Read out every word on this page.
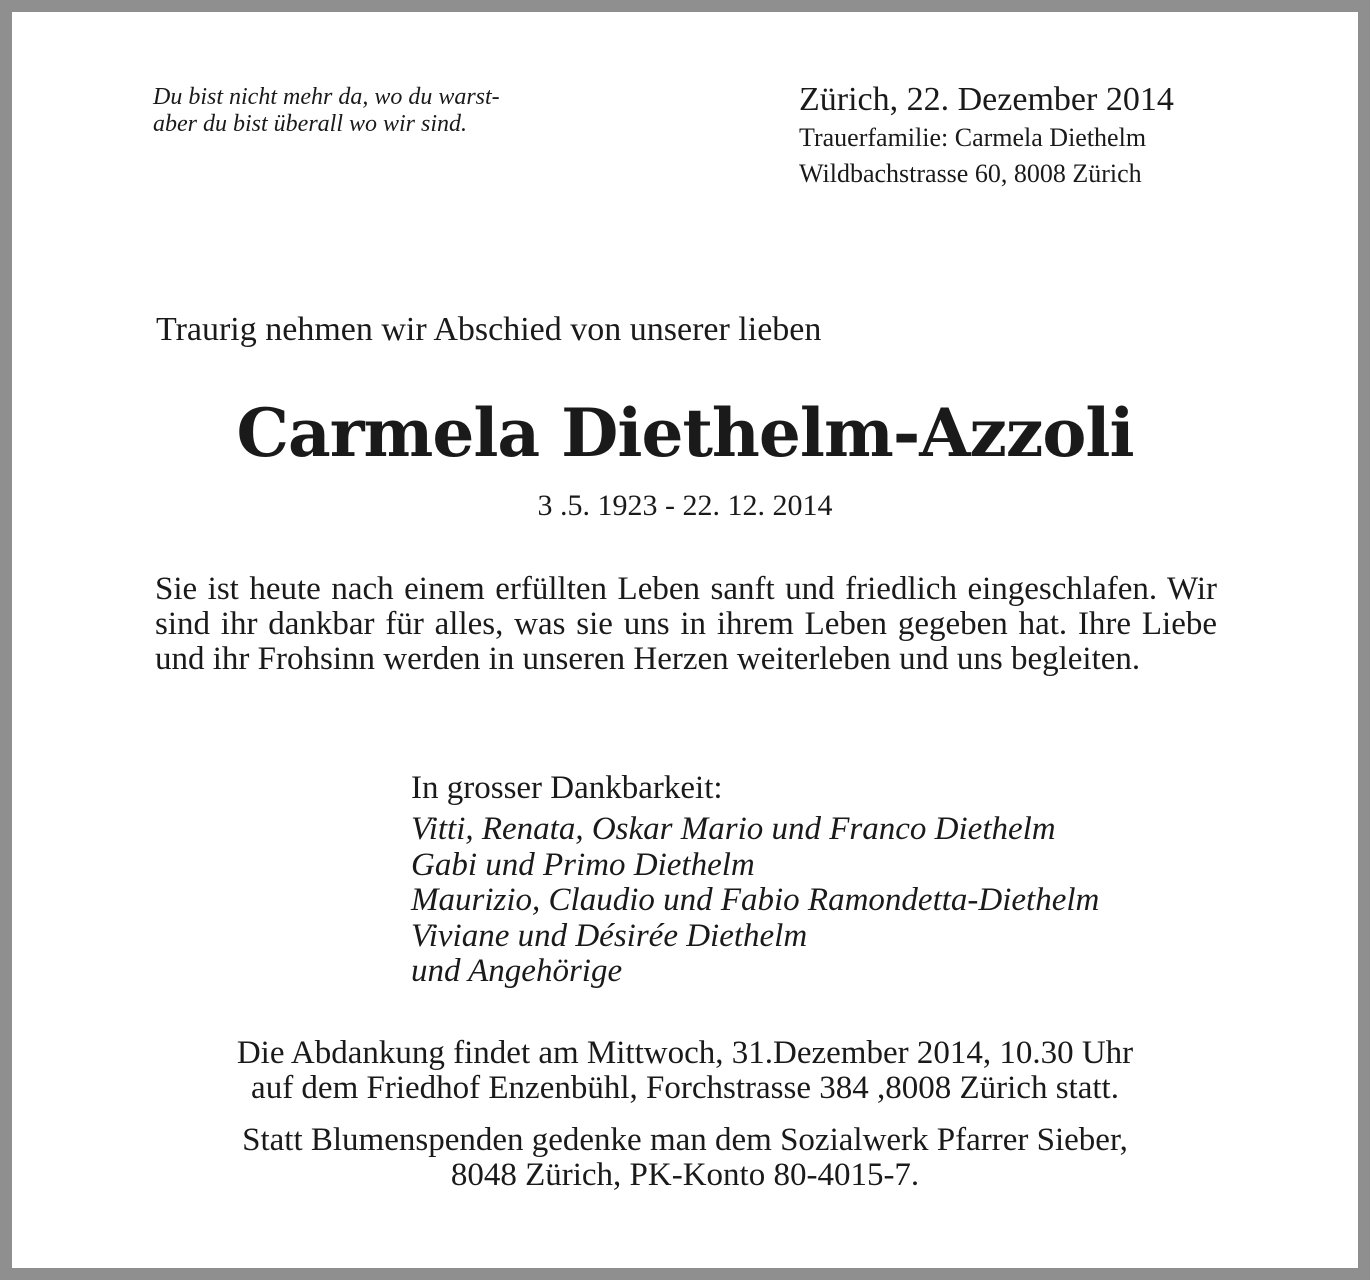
Du bist nicht mehr da, wo du warst-
aber du bist überall wo wir sind.
Zürich, 22. Dezember 2014
Trauerfamilie: Carmela Diethelm
Wildbachstrasse 60, 8008 Zürich

Traurig nehmen wir Abschied von unserer lieben

Carmela Diethelm-Azzoli
3 .5. 1923 - 22. 12. 2014

Sie ist heute nach einem erfüllten Leben sanft und friedlich eingeschlafen. Wir sind ihr dankbar für alles, was sie uns in ihrem Leben gegeben hat. Ihre Liebe und ihr Frohsinn werden in unseren Herzen weiterleben und uns begleiten.

In grosser Dankbarkeit:
Vitti, Renata, Oskar Mario und Franco Diethelm
Gabi und Primo Diethelm
Maurizio, Claudio und Fabio Ramondetta-Diethelm
Viviane und Désirée Diethelm
und Angehörige
Die Abdankung findet am Mittwoch, 31.Dezember 2014, 10.30 Uhr
auf dem Friedhof Enzenbühl, Forchstrasse 384 ,8008 Zürich statt.
Statt Blumenspenden gedenke man dem Sozialwerk Pfarrer Sieber,
8048 Zürich, PK-Konto 80-4015-7.
